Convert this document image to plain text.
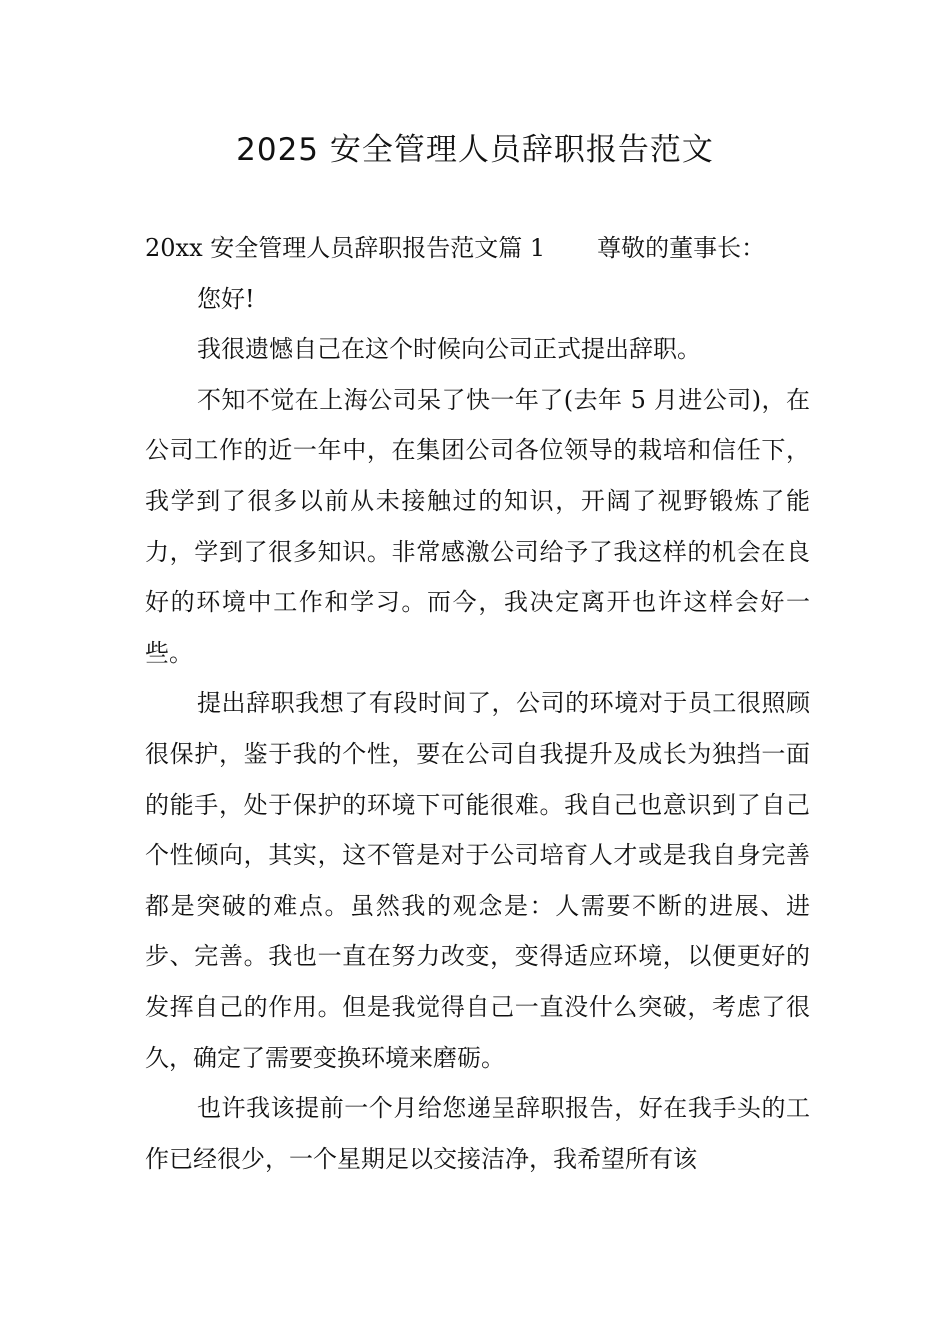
2025 安全管理人员辞职报告范文

20xx 安全管理人员辞职报告范文篇 1 尊敬的董事长：

您好!

我很遗憾自己在这个时候向公司正式提出辞职。

不知不觉在上海公司呆了快一年了(去年 5 月进公司)，在公司工作的近一年中，在集团公司各位领导的栽培和信任下，我学到了很多以前从未接触过的知识，开阔了视野锻炼了能力，学到了很多知识。非常感激公司给予了我这样的机会在良好的环境中工作和学习。而今，我决定离开也许这样会好一些。

提出辞职我想了有段时间了，公司的环境对于员工很照顾很保护，鉴于我的个性，要在公司自我提升及成长为独挡一面的能手，处于保护的环境下可能很难。我自己也意识到了自己个性倾向，其实，这不管是对于公司培育人才或是我自身完善都是突破的难点。虽然我的观念是：人需要不断的进展、进步、完善。我也一直在努力改变，变得适应环境，以便更好的发挥自己的作用。但是我觉得自己一直没什么突破，考虑了很久，确定了需要变换环境来磨砺。

也许我该提前一个月给您递呈辞职报告，好在我手头的工作已经很少，一个星期足以交接洁净，我希望所有该
